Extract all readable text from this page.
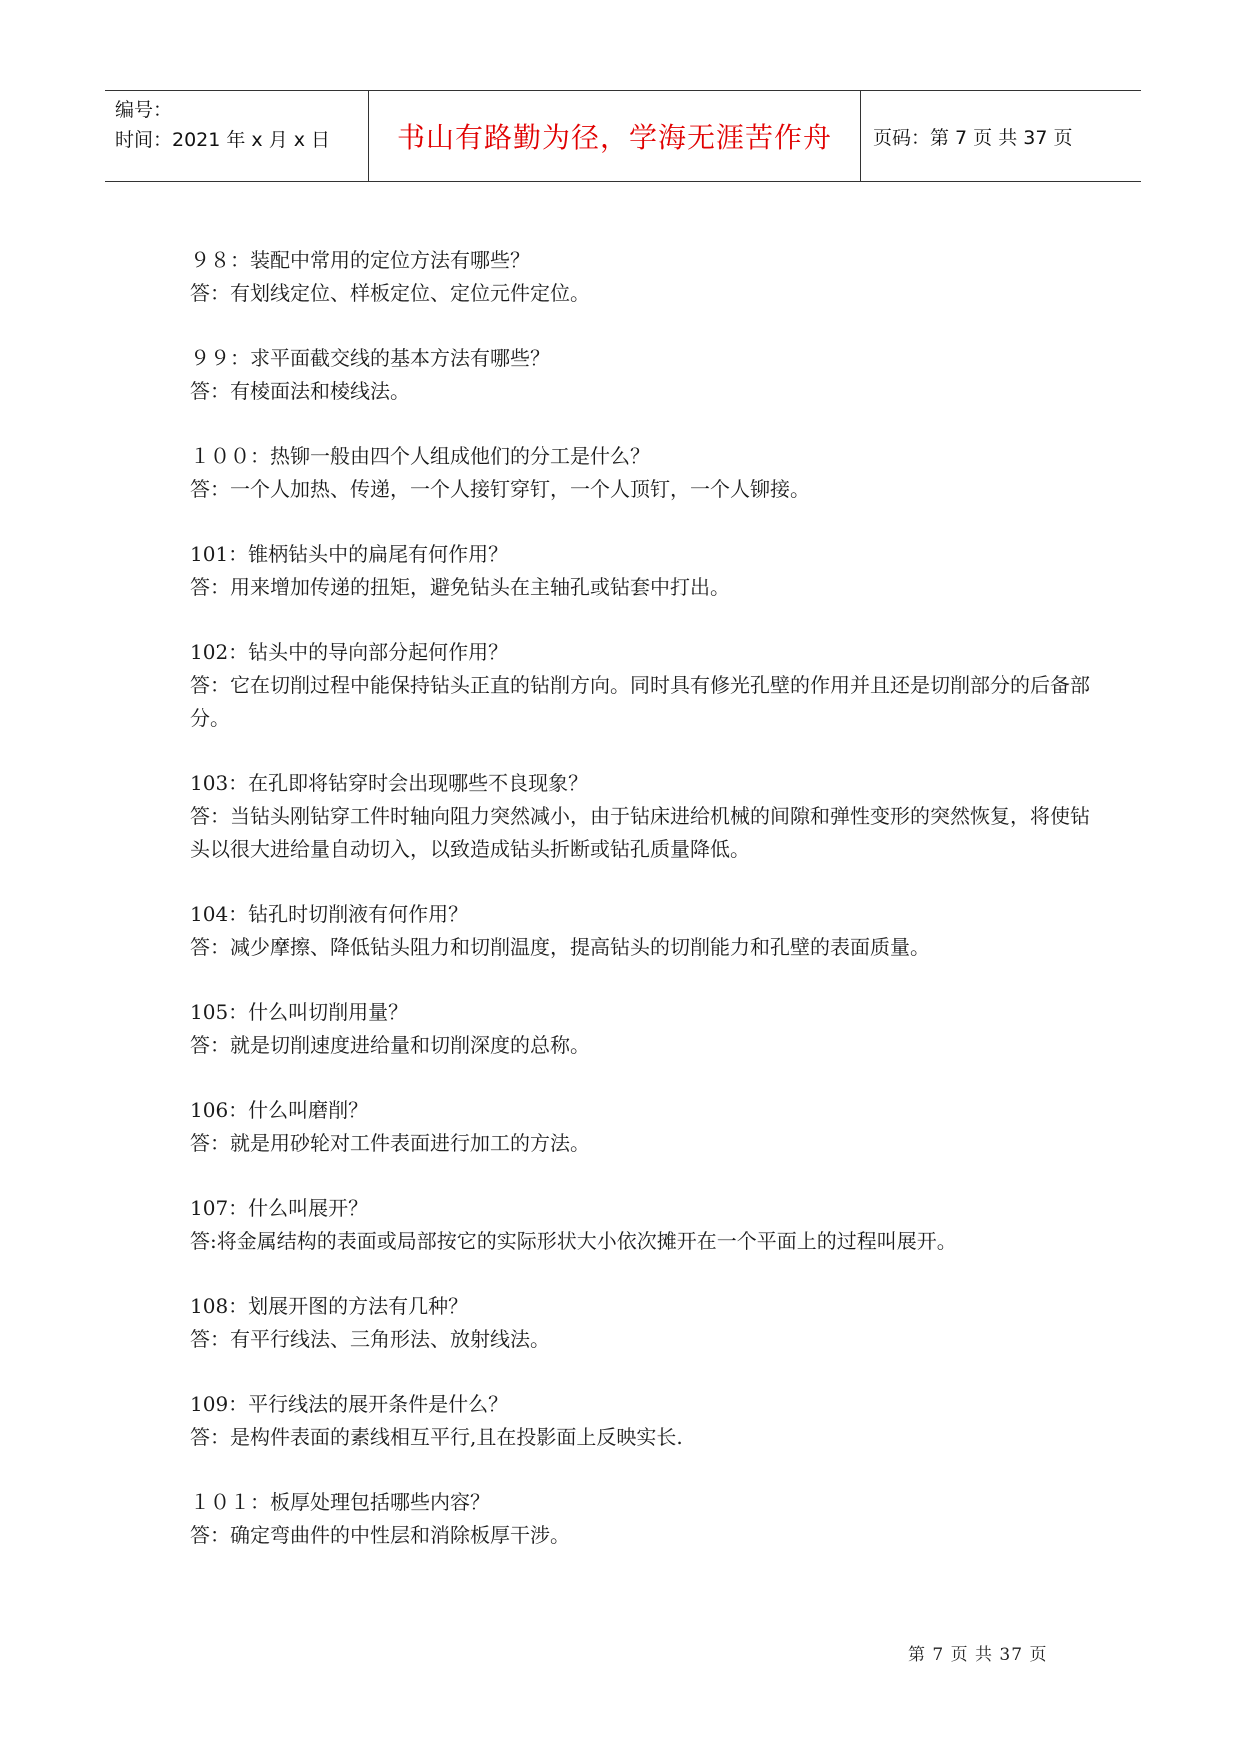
编号：
时间：2021 年 x 月 x 日	书山有路勤为径，学海无涯苦作舟	页码：第 7 页 共 37 页

９８：装配中常用的定位方法有哪些？

答：有划线定位、样板定位、定位元件定位。

９９：求平面截交线的基本方法有哪些？

答：有棱面法和棱线法。

１００：热铆一般由四个人组成他们的分工是什么？

答：一个人加热、传递，一个人接钉穿钉，一个人顶钉，一个人铆接。

101：锥柄钻头中的扁尾有何作用？

答：用来增加传递的扭矩，避免钻头在主轴孔或钻套中打出。

102：钻头中的导向部分起何作用？

答：它在切削过程中能保持钻头正直的钻削方向。同时具有修光孔壁的作用并且还是切削部分的后备部分。

103：在孔即将钻穿时会出现哪些不良现象？

答：当钻头刚钻穿工件时轴向阻力突然减小，由于钻床进给机械的间隙和弹性变形的突然恢复，将使钻头以很大进给量自动切入，以致造成钻头折断或钻孔质量降低。

104：钻孔时切削液有何作用？

答：减少摩擦、降低钻头阻力和切削温度，提高钻头的切削能力和孔壁的表面质量。

105：什么叫切削用量？

答：就是切削速度进给量和切削深度的总称。

106：什么叫磨削？

答：就是用砂轮对工件表面进行加工的方法。

107：什么叫展开？

答:将金属结构的表面或局部按它的实际形状大小依次摊开在一个平面上的过程叫展开。

108：划展开图的方法有几种？

答：有平行线法、三角形法、放射线法。

109：平行线法的展开条件是什么？

答：是构件表面的素线相互平行,且在投影面上反映实长.

１０１：板厚处理包括哪些内容？

答：确定弯曲件的中性层和消除板厚干涉。

第 7 页 共 37 页
